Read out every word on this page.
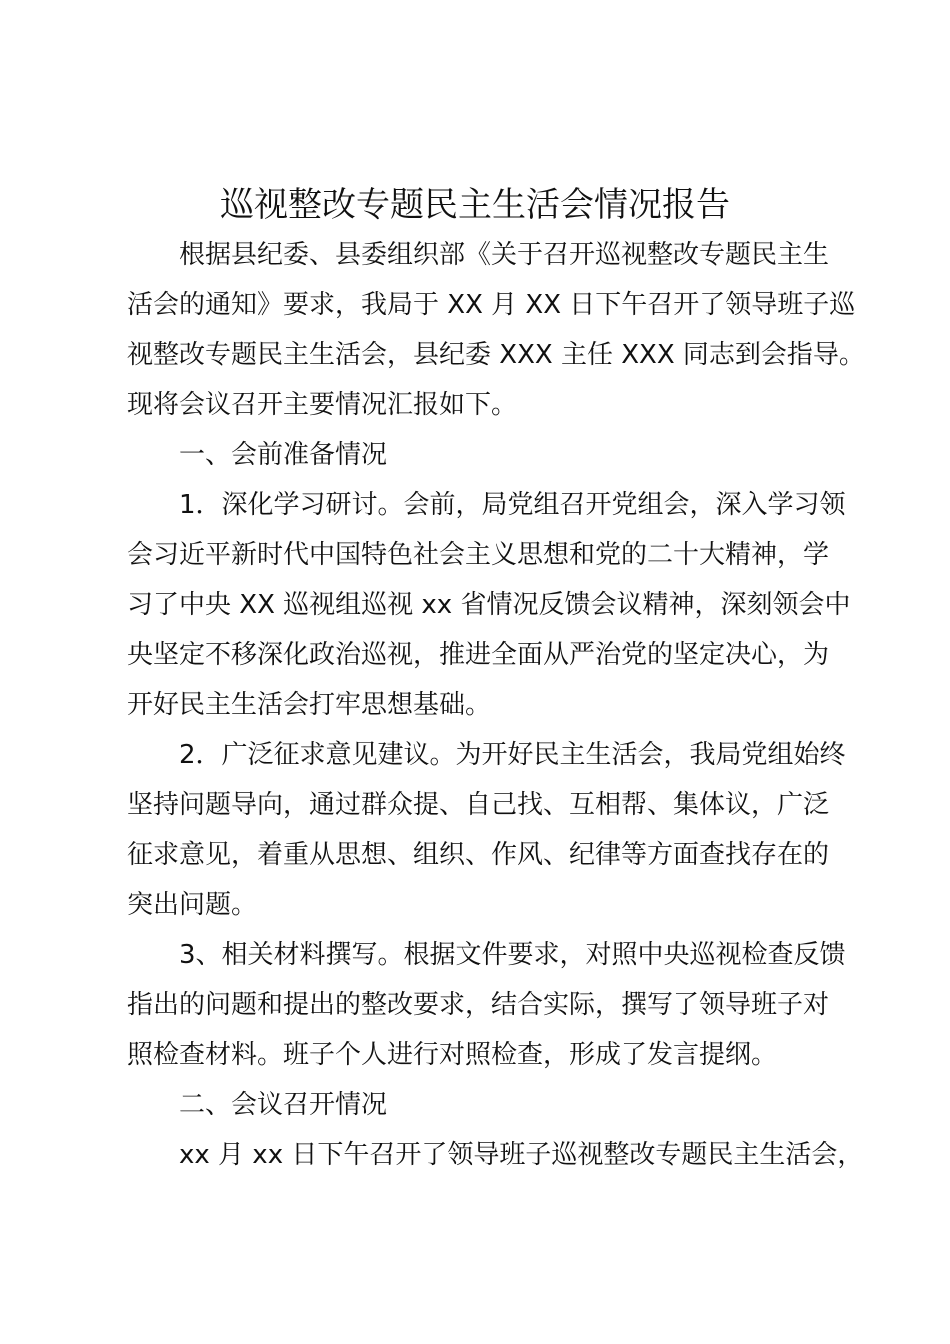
巡视整改专题民主生活会情况报告
根据县纪委、县委组织部《关于召开巡视整改专题民主生
活会的通知》要求，我局于 XX 月 XX 日下午召开了领导班子巡
视整改专题民主生活会，县纪委 XXX 主任 XXX 同志到会指导。
现将会议召开主要情况汇报如下。
一、会前准备情况
1．深化学习研讨。会前，局党组召开党组会，深入学习领
会习近平新时代中国特色社会主义思想和党的二十大精神，学
习了中央 XX 巡视组巡视 xx 省情况反馈会议精神，深刻领会中
央坚定不移深化政治巡视，推进全面从严治党的坚定决心，为
开好民主生活会打牢思想基础。
2．广泛征求意见建议。为开好民主生活会，我局党组始终
坚持问题导向，通过群众提、自己找、互相帮、集体议，广泛
征求意见，着重从思想、组织、作风、纪律等方面查找存在的
突出问题。
3、相关材料撰写。根据文件要求，对照中央巡视检查反馈
指出的问题和提出的整改要求，结合实际，撰写了领导班子对
照检查材料。班子个人进行对照检查，形成了发言提纲。
二、会议召开情况
xx 月 xx 日下午召开了领导班子巡视整改专题民主生活会，
